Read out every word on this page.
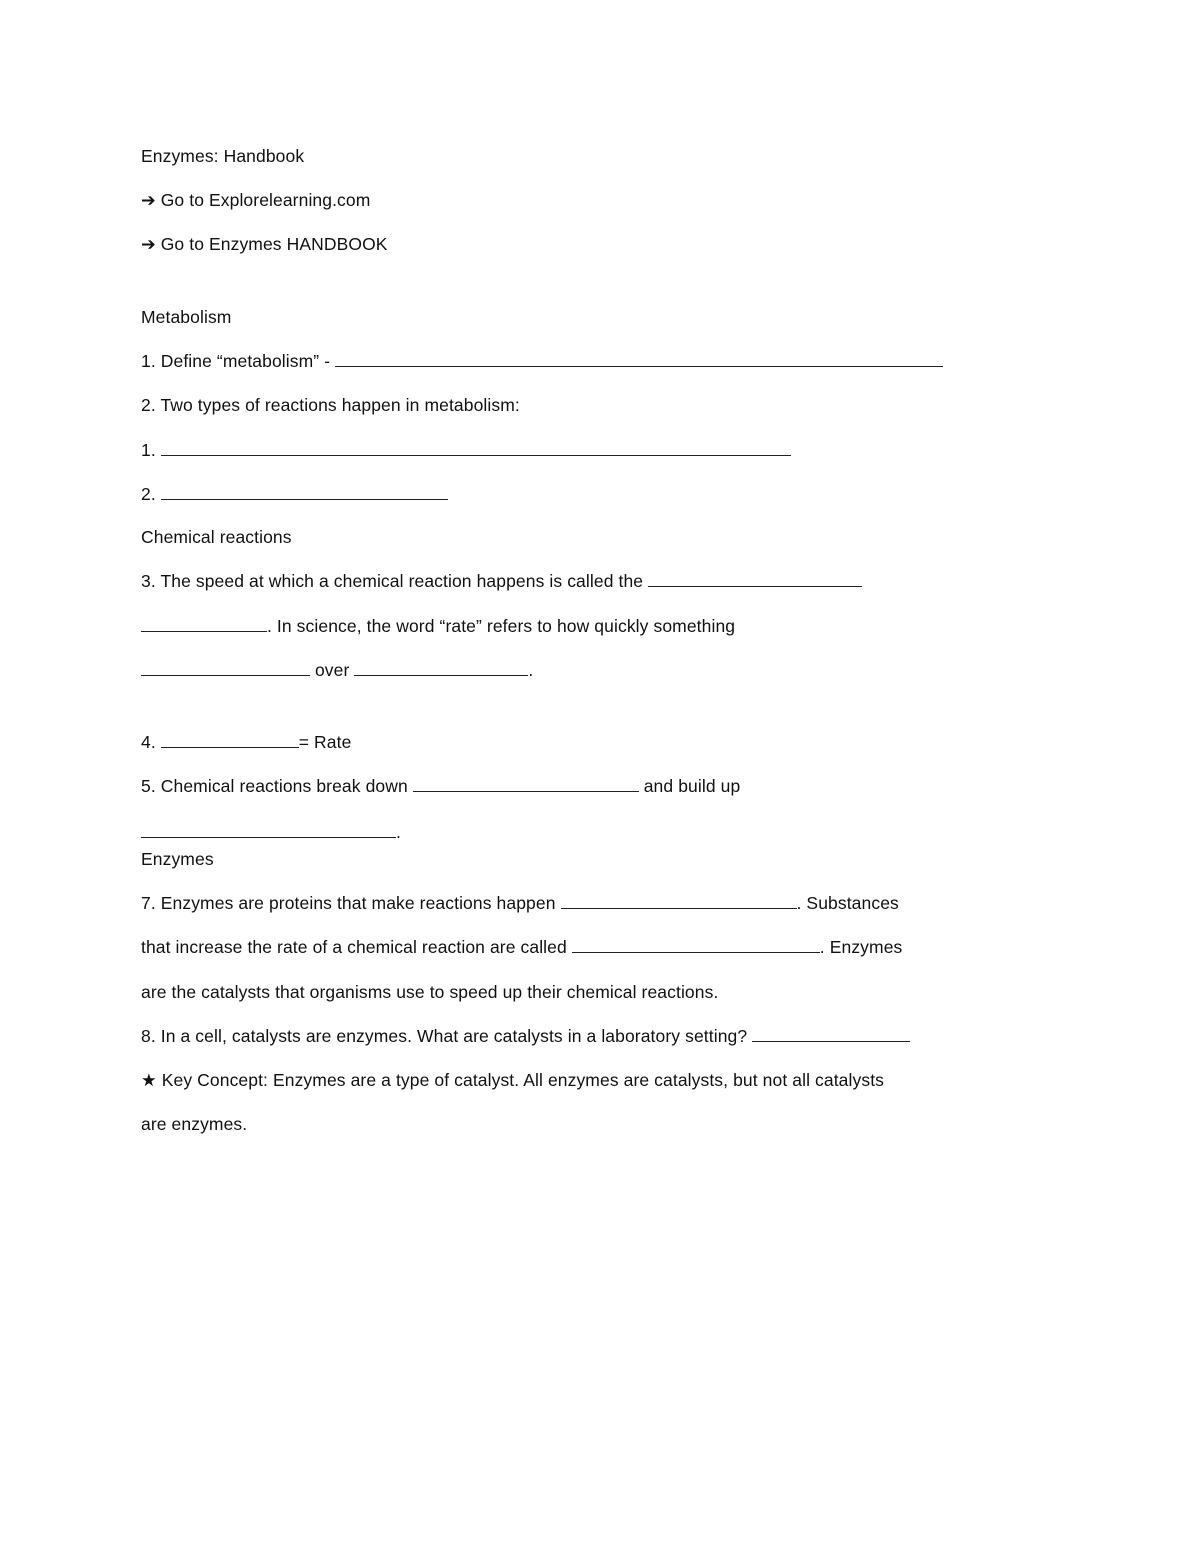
Enzymes: Handbook
➔ Go to Explorelearning.com
➔ Go to Enzymes HANDBOOK
Metabolism
1. Define “metabolism” -
2. Two types of reactions happen in metabolism:
1.
2.
Chemical reactions
3. The speed at which a chemical reaction happens is called the
. In science, the word “rate” refers to how quickly something
over	.
4.	= Rate
5. Chemical reactions break down	and build up
.
Enzymes
7. Enzymes are proteins that make reactions happen	. Substances
that increase the rate of a chemical reaction are called	. Enzymes
are the catalysts that organisms use to speed up their chemical reactions.
8. In a cell, catalysts are enzymes. What are catalysts in a laboratory setting?
★ Key Concept: Enzymes are a type of catalyst. All enzymes are catalysts, but not all catalysts
are enzymes.
